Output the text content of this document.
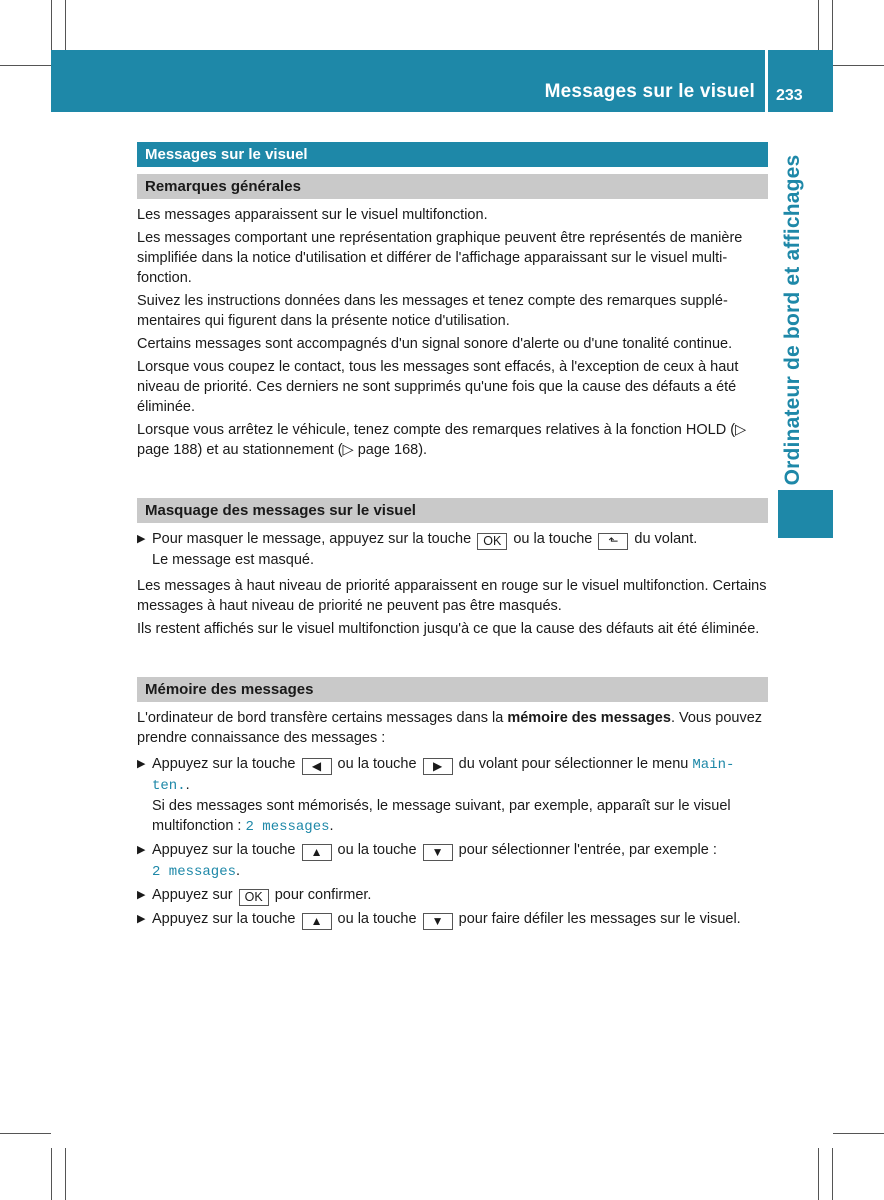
Messages sur le visuel 233
Ordinateur de bord et affichages
Messages sur le visuel
Remarques générales

Les messages apparaissent sur le visuel multifonction.

Les messages comportant une représentation graphique peuvent être représentés de manière simplifiée dans la notice d'utilisation et différer de l'affichage apparaissant sur le visuel multi-fonction.

Suivez les instructions données dans les messages et tenez compte des remarques supplé-mentaires qui figurent dans la présente notice d'utilisation.

Certains messages sont accompagnés d'un signal sonore d'alerte ou d'une tonalité continue.

Lorsque vous coupez le contact, tous les messages sont effacés, à l'exception de ceux à haut niveau de priorité. Ces derniers ne sont supprimés qu'une fois que la cause des défauts a été éliminée.

Lorsque vous arrêtez le véhicule, tenez compte des remarques relatives à la fonction HOLD (▷ page 188) et au stationnement (▷ page 168).

Masquage des messages sur le visuel
▶ Pour masquer le message, appuyez sur la touche OK ou la touche ⬑ du volant.
Le message est masqué.

Les messages à haut niveau de priorité apparaissent en rouge sur le visuel multifonction. Certains messages à haut niveau de priorité ne peuvent pas être masqués.

Ils restent affichés sur le visuel multifonction jusqu'à ce que la cause des défauts ait été éliminée.

Mémoire des messages

L'ordinateur de bord transfère certains messages dans la mémoire des messages. Vous pouvez prendre connaissance des messages :

▶ Appuyez sur la touche ◀ ou la touche ▶ du volant pour sélectionner le menu Main-ten..
Si des messages sont mémorisés, le message suivant, par exemple, apparaît sur le visuel multifonction : 2 messages.
▶ Appuyez sur la touche ▲ ou la touche ▼ pour sélectionner l'entrée, par exemple :
2 messages.
▶ Appuyez sur OK pour confirmer.
▶ Appuyez sur la touche ▲ ou la touche ▼ pour faire défiler les messages sur le visuel.
